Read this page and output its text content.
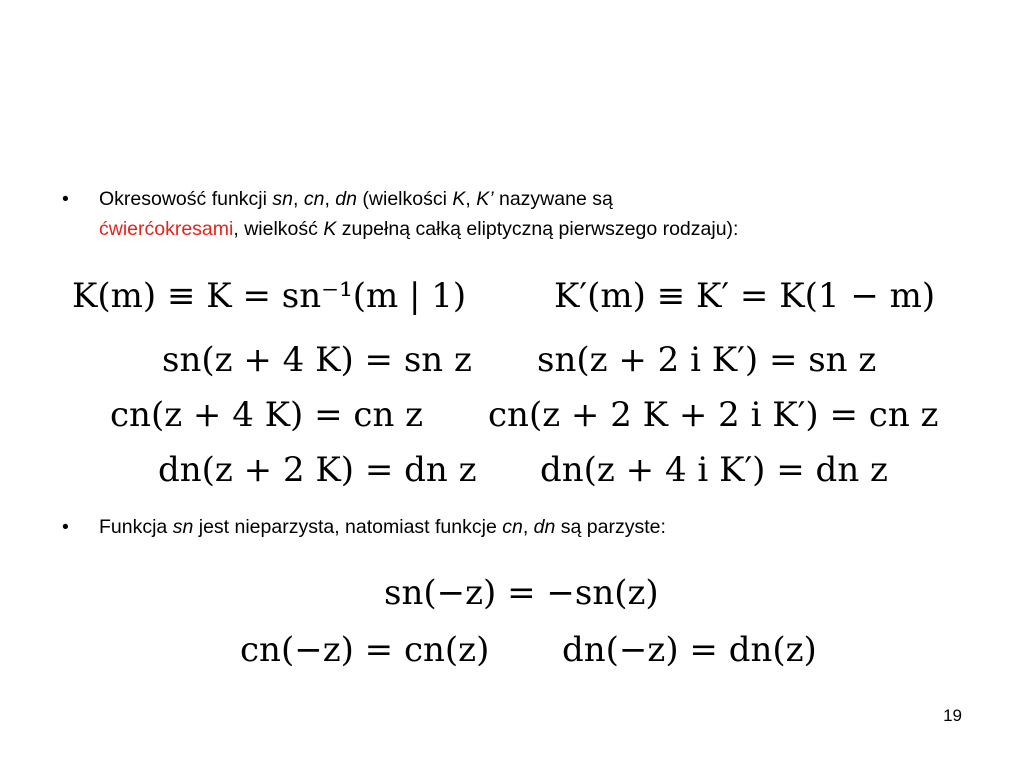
• Okresowość funkcji sn, cn, dn (wielkości K, K’ nazywane są
ćwierćokresami, wielkość K zupełną całką eliptyczną pierwszego rodzaju):
K(m) ≡ K = sn⁻¹(m | 1)	K′(m) ≡ K′ = K(1 − m)
sn(z + 4 K) = sn z sn(z + 2 i K′) = sn z
cn(z + 4 K) = cn z cn(z + 2 K + 2 i K′) = cn z
dn(z + 2 K) = dn z dn(z + 4 i K′) = dn z
• Funkcja sn jest nieparzysta, natomiast funkcje cn, dn są parzyste:
sn(−z) = −sn(z)
cn(−z) = cn(z) dn(−z) = dn(z)
19
